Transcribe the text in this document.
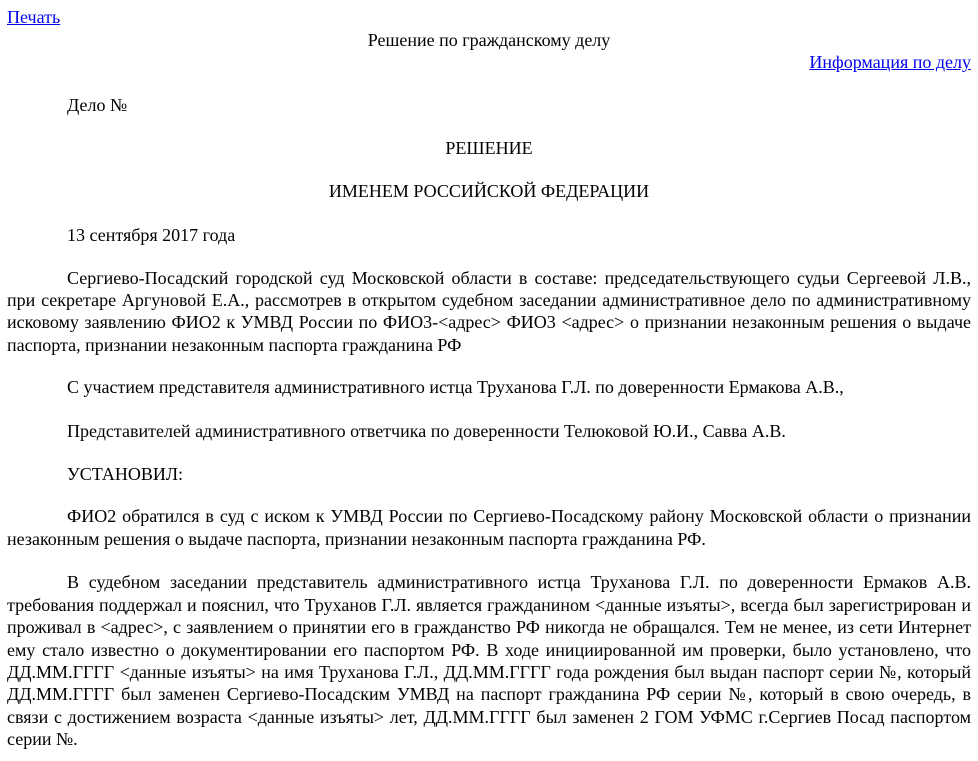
Печать
Решение по гражданскому делу
Информация по делу

Дело №

РЕШЕНИЕ

ИМЕНЕМ РОССИЙСКОЙ ФЕДЕРАЦИИ

13 сентября 2017 года

Сергиево-Посадский городской суд Московской области в составе: председательствующего судьи Сергеевой Л.В., при секретаре Аргуновой Е.А., рассмотрев в открытом судебном заседании административное дело по административному исковому заявлению ФИО2 к УМВД России по ФИО3-<адрес> ФИО3 <адрес> о признании незаконным решения о выдаче паспорта, признании незаконным паспорта гражданина РФ

С участием представителя административного истца Труханова Г.Л. по доверенности Ермакова А.В.,

Представителей административного ответчика по доверенности Телюковой Ю.И., Савва А.В.

УСТАНОВИЛ:

ФИО2 обратился в суд с иском к УМВД России по Сергиево-Посадскому району Московской области о признании незаконным решения о выдаче паспорта, признании незаконным паспорта гражданина РФ.

В судебном заседании представитель административного истца Труханова Г.Л. по доверенности Ермаков А.В. требования поддержал и пояснил, что Труханов Г.Л. является гражданином <данные изъяты>, всегда был зарегистрирован и проживал в <адрес>, с заявлением о принятии его в гражданство РФ никогда не обращался. Тем не менее, из сети Интернет ему стало известно о документировании его паспортом РФ. В ходе инициированной им проверки, было установлено, что ДД.ММ.ГГГГ <данные изъяты> на имя Труханова Г.Л., ДД.ММ.ГГГГ года рождения был выдан паспорт серии №, который ДД.ММ.ГГГГ был заменен Сергиево-Посадским УМВД на паспорт гражданина РФ серии №, который в свою очередь, в связи с достижением возраста <данные изъяты> лет, ДД.ММ.ГГГГ был заменен 2 ГОМ УФМС г.Сергиев Посад паспортом серии №.
